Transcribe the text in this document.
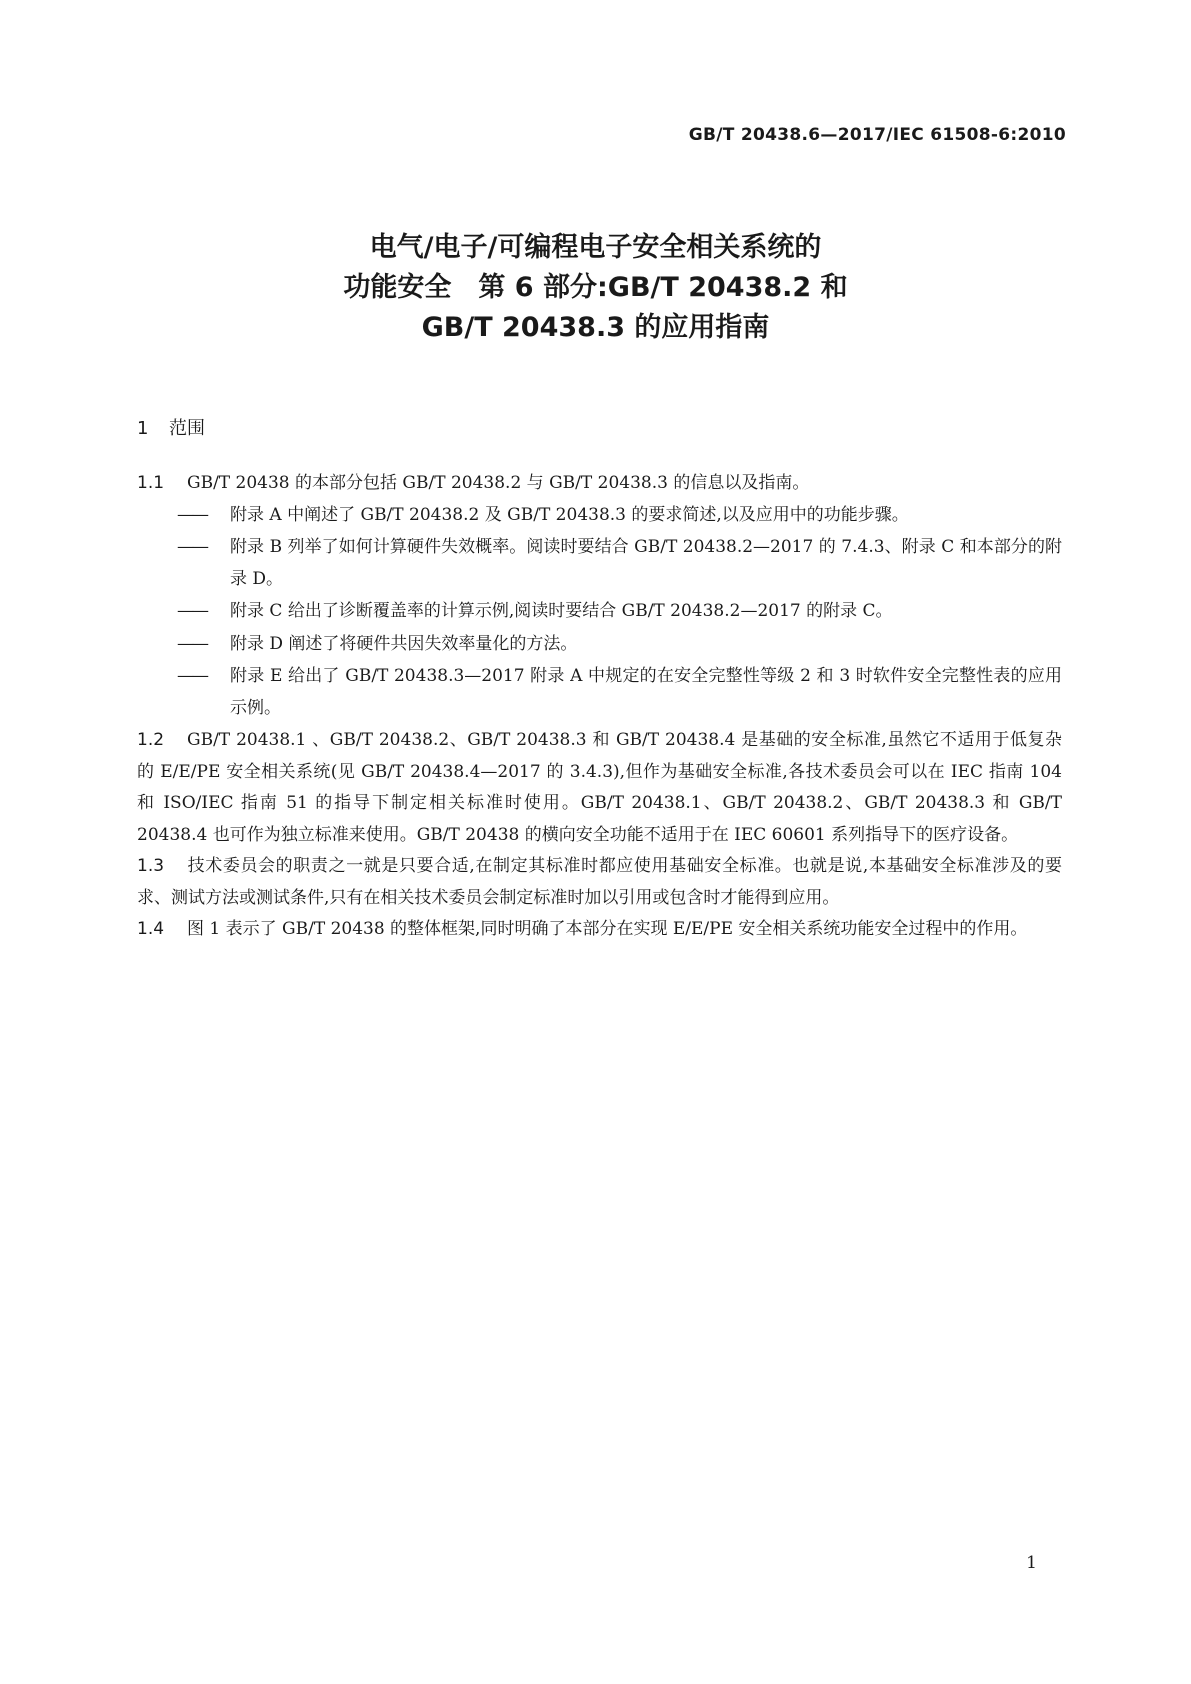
GB/T 20438.6—2017/IEC 61508-6:2010
电气/电子/可编程电子安全相关系统的
功能安全　第 6 部分:GB/T 20438.2 和
GB/T 20438.3 的应用指南
1 范围

1.1 GB/T 20438 的本部分包括 GB/T 20438.2 与 GB/T 20438.3 的信息以及指南。

——	附录 A 中阐述了 GB/T 20438.2 及 GB/T 20438.3 的要求简述,以及应用中的功能步骤。
——	附录 B 列举了如何计算硬件失效概率。阅读时要结合 GB/T 20438.2—2017 的 7.4.3、附录 C 和本部分的附录 D。
——	附录 C 给出了诊断覆盖率的计算示例,阅读时要结合 GB/T 20438.2—2017 的附录 C。
——	附录 D 阐述了将硬件共因失效率量化的方法。
——	附录 E 给出了 GB/T 20438.3—2017 附录 A 中规定的在安全完整性等级 2 和 3 时软件安全完整性表的应用示例。

1.2 GB/T 20438.1 、GB/T 20438.2、GB/T 20438.3 和 GB/T 20438.4 是基础的安全标准,虽然它不适用于低复杂的 E/E/PE 安全相关系统(见 GB/T 20438.4—2017 的 3.4.3),但作为基础安全标准,各技术委员会可以在 IEC 指南 104 和 ISO/IEC 指南 51 的指导下制定相关标准时使用。GB/T 20438.1、GB/T 20438.2、GB/T 20438.3 和 GB/T 20438.4 也可作为独立标准来使用。GB/T 20438 的横向安全功能不适用于在 IEC 60601 系列指导下的医疗设备。

1.3 技术委员会的职责之一就是只要合适,在制定其标准时都应使用基础安全标准。也就是说,本基础安全标准涉及的要求、测试方法或测试条件,只有在相关技术委员会制定标准时加以引用或包含时才能得到应用。

1.4 图 1 表示了 GB/T 20438 的整体框架,同时明确了本部分在实现 E/E/PE 安全相关系统功能安全过程中的作用。

1
